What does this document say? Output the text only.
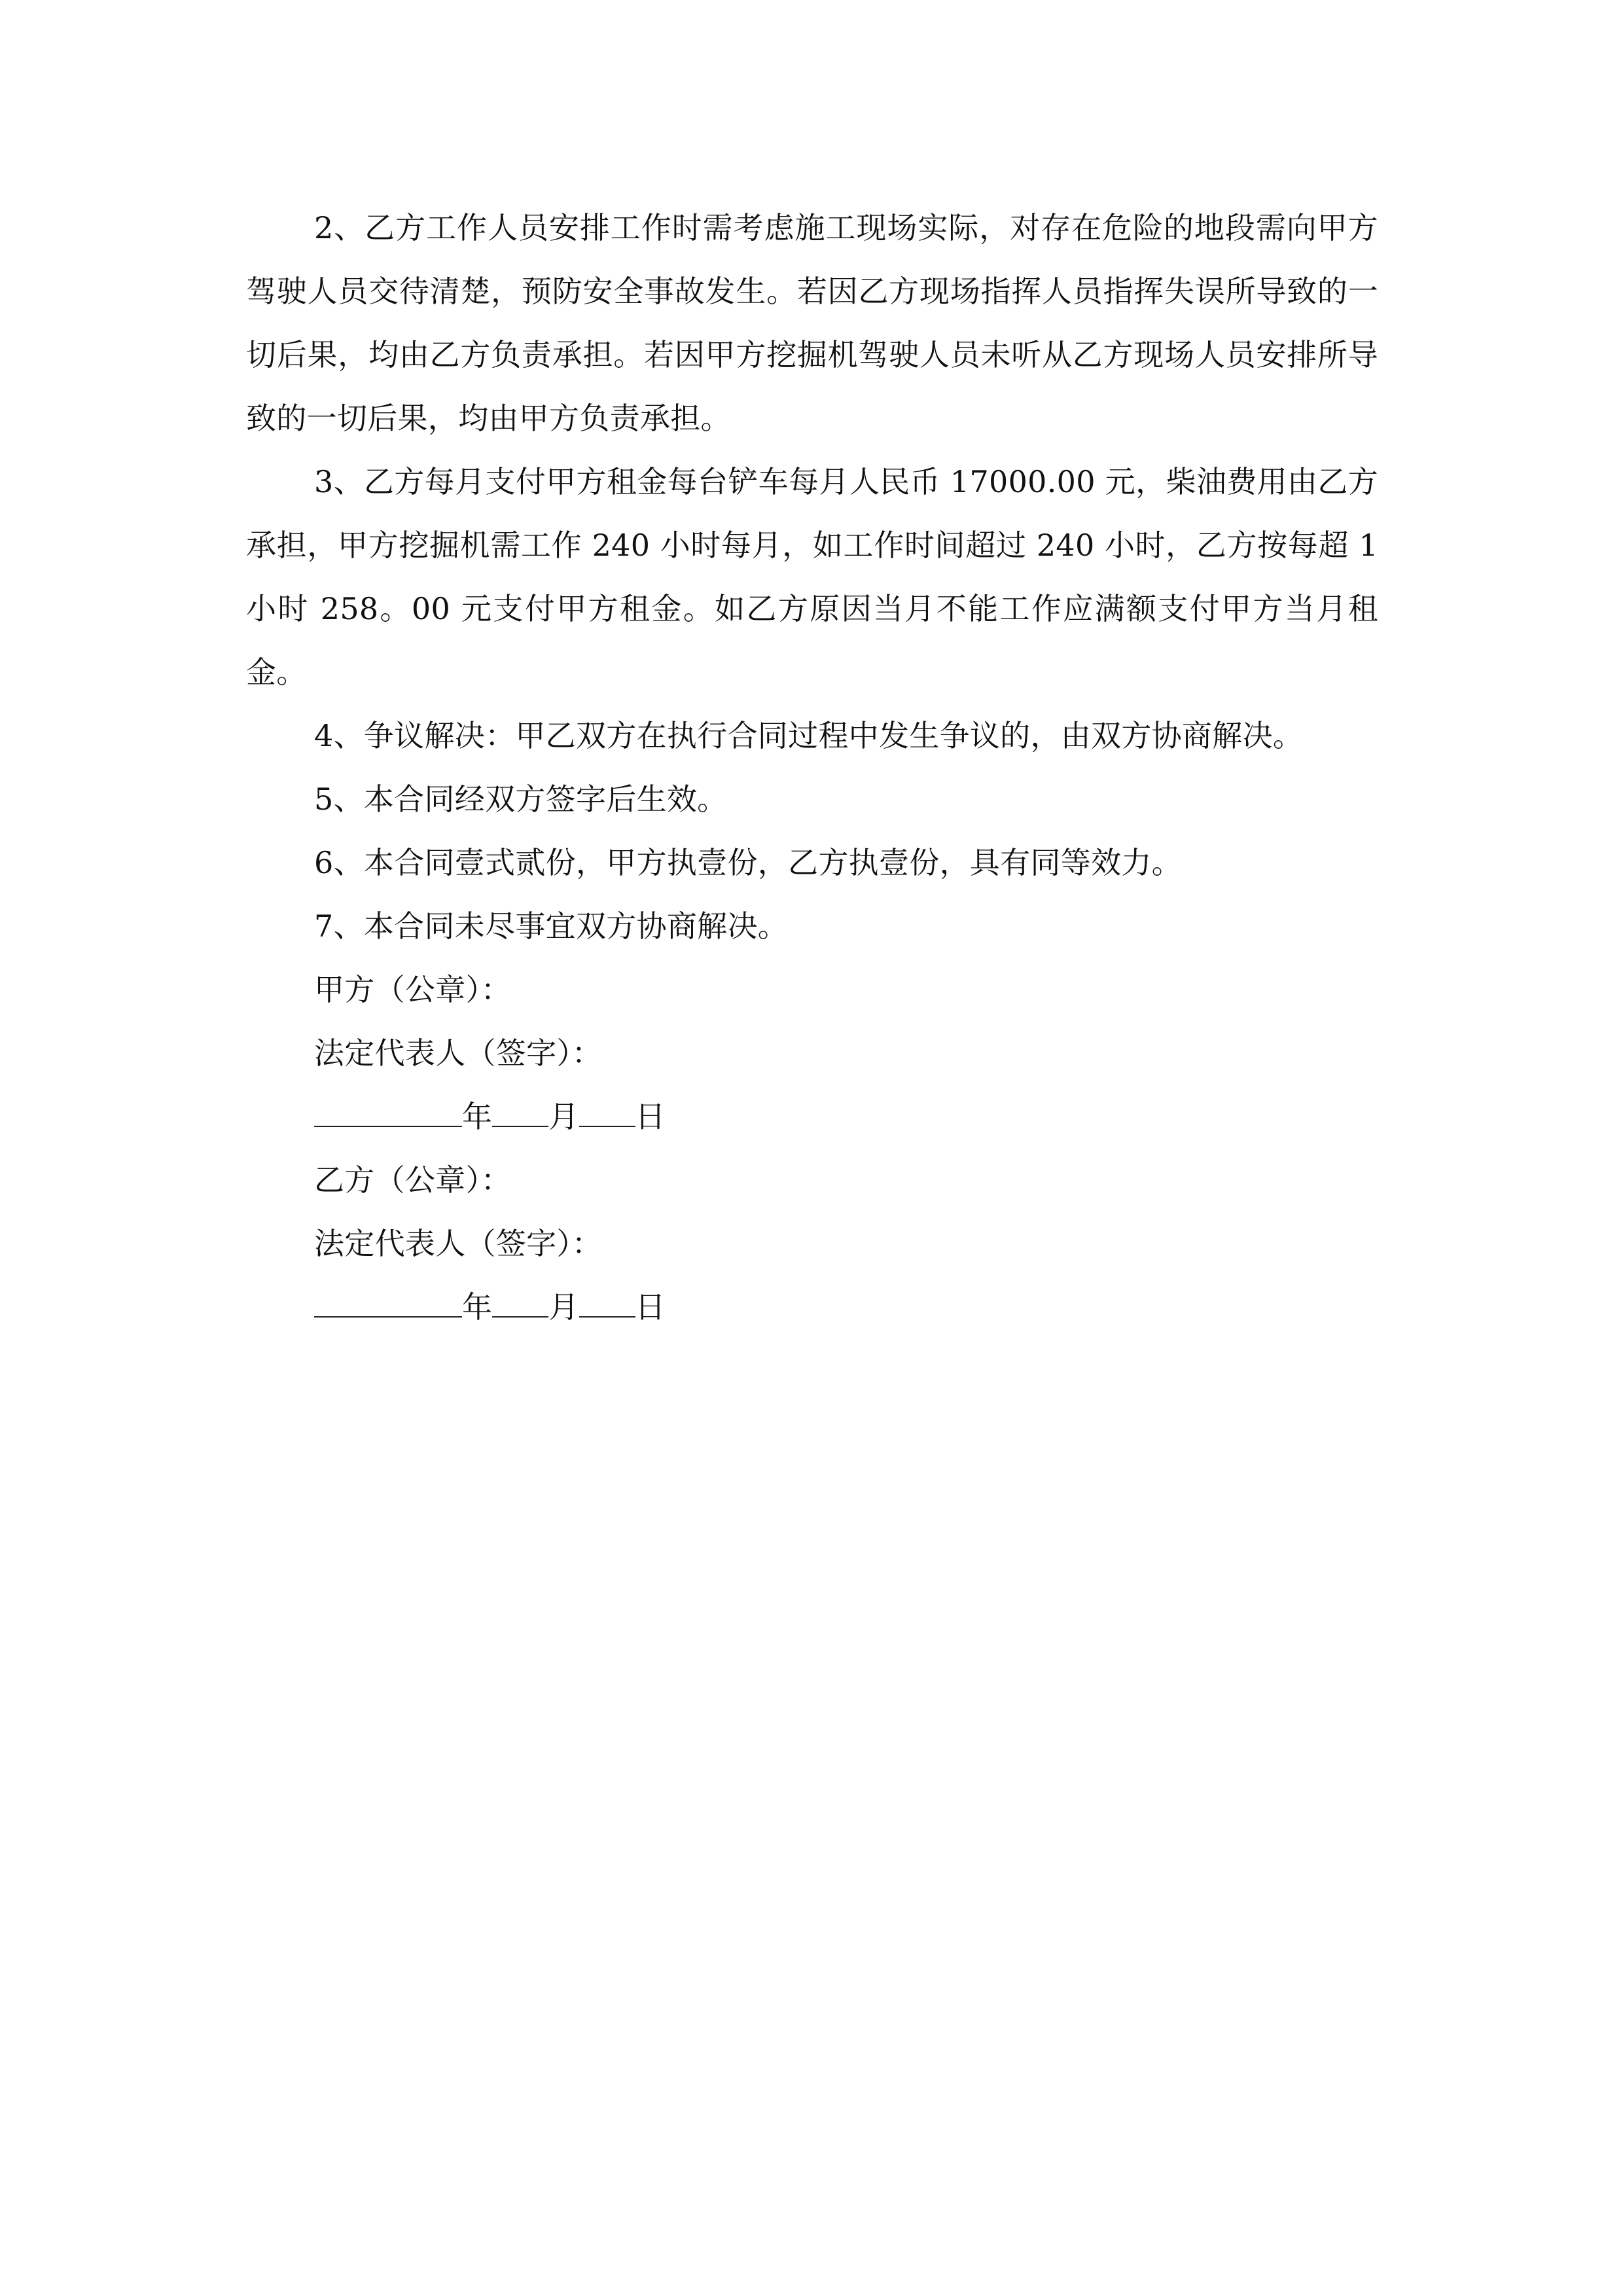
2、乙方工作人员安排工作时需考虑施工现场实际，对存在危险的地段需向甲方驾驶人员交待清楚，预防安全事故发生。若因乙方现场指挥人员指挥失误所导致的一切后果，均由乙方负责承担。若因甲方挖掘机驾驶人员未听从乙方现场人员安排所导致的一切后果，均由甲方负责承担。

3、乙方每月支付甲方租金每台铲车每月人民币 17000.00 元，柴油费用由乙方承担，甲方挖掘机需工作 240 小时每月，如工作时间超过 240 小时，乙方按每超 1 小时 258。00 元支付甲方租金。如乙方原因当月不能工作应满额支付甲方当月租金。

4、争议解决：甲乙双方在执行合同过程中发生争议的，由双方协商解决。

5、本合同经双方签字后生效。

6、本合同壹式贰份，甲方执壹份，乙方执壹份，具有同等效力。

7、本合同未尽事宜双方协商解决。

甲方（公章）：

法定代表人（签字）：

年 月 日

乙方（公章）：

法定代表人（签字）：

年 月 日
